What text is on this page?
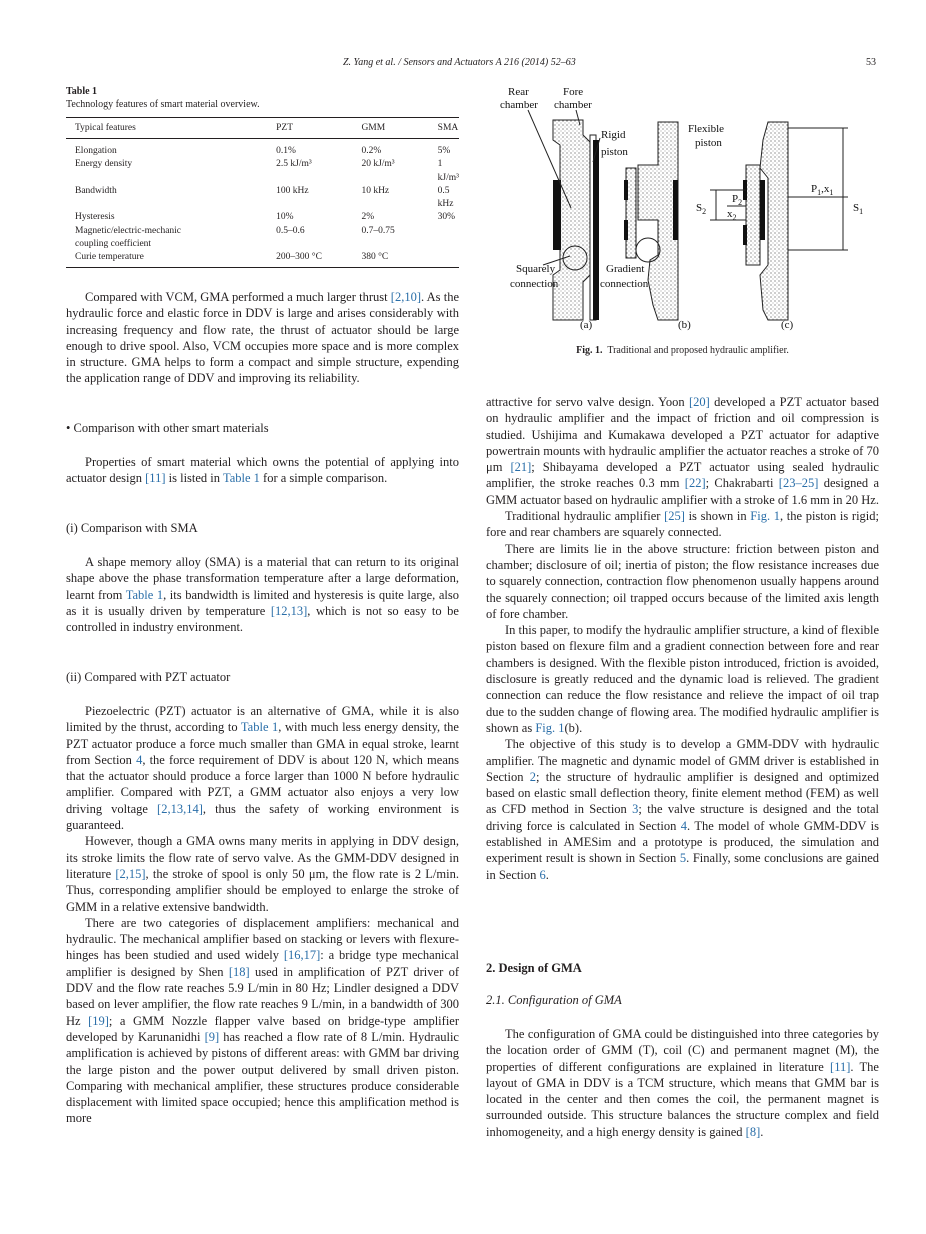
Z. Yang et al. / Sensors and Actuators A 216 (2014) 52–63	53
Table 1
Technology features of smart material overview.
Typical features	PZT	GMM	SMA
Elongation	0.1%	0.2%	5%
Energy density	2.5 kJ/m³	20 kJ/m³	1 kJ/m³
Bandwidth	100 kHz	10 kHz	0.5 kHz
Hysteresis	10%	2%	30%
Magnetic/electric-mechanic coupling coefficient	0.5–0.6	0.7–0.75	
Curie temperature	200–300 °C	380 °C	

Compared with VCM, GMA performed a much larger thrust [2,10]. As the hydraulic force and elastic force in DDV is large and arises considerably with increasing frequency and flow rate, the thrust of actuator should be large enough to drive spool. Also, VCM occupies more space and is more complex in structure. GMA helps to form a compact and simple structure, expending the application range of DDV and improving its reliability.

• Comparison with other smart materials

Properties of smart material which owns the potential of applying into actuator design [11] is listed in Table 1 for a simple comparison.

(i) Comparison with SMA

A shape memory alloy (SMA) is a material that can return to its original shape above the phase transformation temperature after a large deformation, learnt from Table 1, its bandwidth is limited and hysteresis is quite large, also as it is usually driven by temperature [12,13], which is not so easy to be controlled in industry environment.

(ii) Compared with PZT actuator

Piezoelectric (PZT) actuator is an alternative of GMA, while it is also limited by the thrust, according to Table 1, with much less energy density, the PZT actuator produce a force much smaller than GMA in equal stroke, learnt from Section 4, the force requirement of DDV is about 120 N, which means that the actuator should produce a force larger than 1000 N before hydraulic amplifier. Compared with PZT, a GMM actuator also enjoys a very low driving voltage [2,13,14], thus the safety of working environment is guaranteed.

However, though a GMA owns many merits in applying in DDV design, its stroke limits the flow rate of servo valve. As the GMM-DDV designed in literature [2,15], the stroke of spool is only 50 μm, the flow rate is 2 L/min. Thus, corresponding amplifier should be employed to enlarge the stroke of GMM in a relative extensive bandwidth.

There are two categories of displacement amplifiers: mechanical and hydraulic. The mechanical amplifier based on stacking or levers with flexure-hinges has been studied and used widely [16,17]: a bridge type mechanical amplifier is designed by Shen [18] used in amplification of PZT driver of DDV and the flow rate reaches 5.9 L/min in 80 Hz; Lindler designed a DDV based on lever amplifier, the flow rate reaches 9 L/min, in a bandwidth of 300 Hz [19]; a GMM Nozzle flapper valve based on bridge-type amplifier developed by Karunanidhi [9] has reached a flow rate of 8 L/min. Hydraulic amplification is achieved by pistons of different areas: with GMM bar driving the large piston and the power output delivered by small driven piston. Comparing with mechanical amplifier, these structures produce considerable displacement with limited space occupied; hence this amplification method is more

Rear
chamber
Fore
chamber
Rigid
piston
Flexible
piston
Squarely
connection
Gradient
connection
$P_2$
$x_2$
$S_2$
$P_1,x_1$
$S_1$
(a)	(b)	(c)
Fig. 1. Traditional and proposed hydraulic amplifier.

attractive for servo valve design. Yoon [20] developed a PZT actuator based on hydraulic amplifier and the impact of friction and oil compression is studied. Ushijima and Kumakawa developed a PZT actuator for adaptive powertrain mounts with hydraulic amplifier the actuator reaches a stroke of 70 μm [21]; Shibayama developed a PZT actuator using sealed hydraulic amplifier, the stroke reaches 0.3 mm [22]; Chakrabarti [23–25] designed a GMM actuator based on hydraulic amplifier with a stroke of 1.6 mm in 20 Hz.

Traditional hydraulic amplifier [25] is shown in Fig. 1, the piston is rigid; fore and rear chambers are squarely connected.

There are limits lie in the above structure: friction between piston and chamber; disclosure of oil; inertia of piston; the flow resistance increases due to squarely connection, contraction flow phenomenon usually happens around the squarely connection; oil trapped occurs because of the limited axis length of fore chamber.

In this paper, to modify the hydraulic amplifier structure, a kind of flexible piston based on flexure film and a gradient connection between fore and rear chambers is designed. With the flexible piston introduced, friction is avoided, disclosure is greatly reduced and the dynamic load is relieved. The gradient connection can reduce the flow resistance and relieve the impact of oil trap due to the sudden change of flowing area. The modified hydraulic amplifier is shown as Fig. 1(b).

The objective of this study is to develop a GMM-DDV with hydraulic amplifier. The magnetic and dynamic model of GMM driver is established in Section 2; the structure of hydraulic amplifier is designed and optimized based on elastic small deflection theory, finite element method (FEM) as well as CFD method in Section 3; the valve structure is designed and the total driving force is calculated in Section 4. The model of whole GMM-DDV is established in AMESim and a prototype is produced, the simulation and experiment result is shown in Section 5. Finally, some conclusions are gained in Section 6.

2. Design of GMA
2.1. Configuration of GMA

The configuration of GMA could be distinguished into three categories by the location order of GMM (T), coil (C) and permanent magnet (M), the properties of different configurations are explained in literature [11]. The layout of GMA in DDV is a TCM structure, which means that GMM bar is located in the center and then comes the coil, the permanent magnet is surrounded outside. This structure balances the structure complex and field inhomogeneity, and a high energy density is gained [8].
